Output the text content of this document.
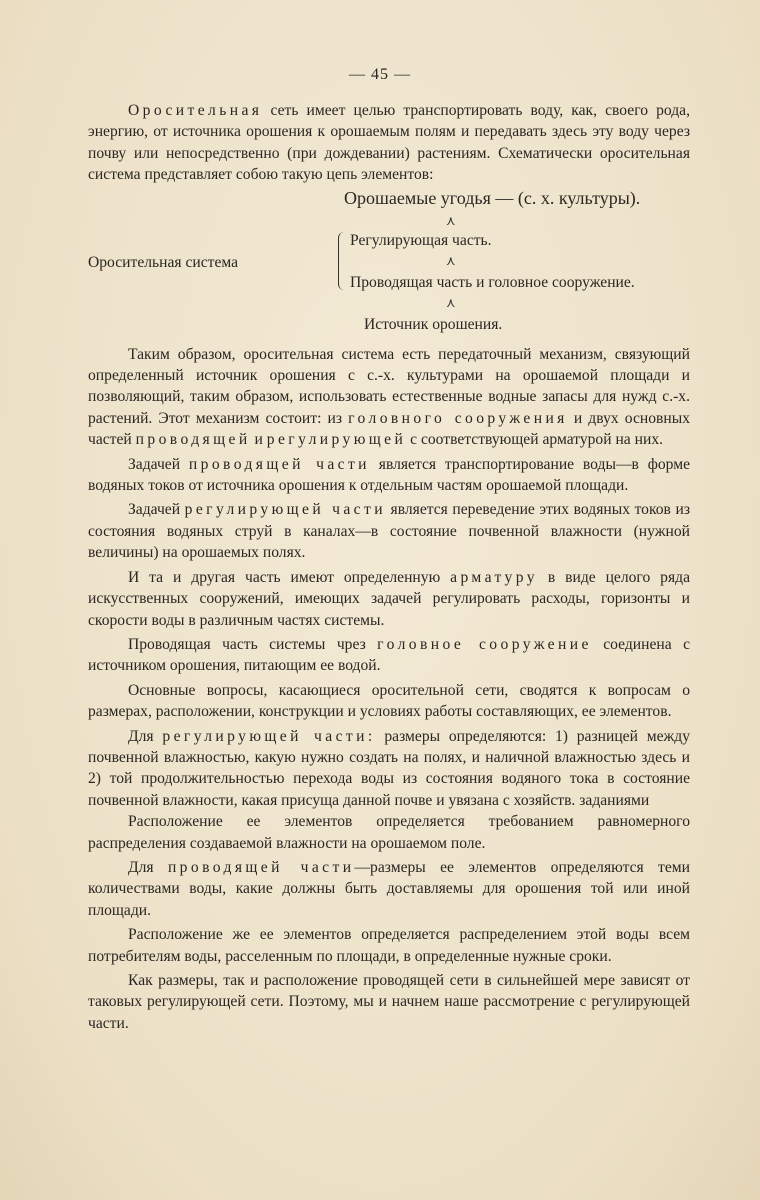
— 45 —

Оросительная сеть имеет целью транспортировать воду, как, своего рода, энергию, от источника орошения к орошаемым полям и передавать здесь эту воду через почву или непосредственно (при дождевании) растениям. Схематически оросительная система представляет собою такую цепь элементов:

Орошаемые угодья — (с. х. культуры).
⋏
Оросительная система
Регулирующая часть.
⋏
Проводящая часть и головное сооружение.
⋏
Источник орошения.

Таким образом, оросительная система есть передаточный механизм, связующий определенный источник орошения с с.-х. культурами на орошаемой площади и позволяющий, таким образом, использовать естественные водные запасы для нужд с.-х. растений. Этот механизм состоит: из головного сооружения и двух основных частей проводящей и регулирующей с соответствующей арматурой на них.

Задачей проводящей части является транспортирование воды—в форме водяных токов от источника орошения к отдельным частям орошаемой площади.

Задачей регулирующей части является переведение этих водяных токов из состояния водяных струй в каналах—в состояние почвенной влажности (нужной величины) на орошаемых полях.

И та и другая часть имеют определенную арматуру в виде целого ряда искусственных сооружений, имеющих задачей регулировать расходы, горизонты и скорости воды в различным частях системы.

Проводящая часть системы чрез головное сооружение соединена с источником орошения, питающим ее водой.

Основные вопросы, касающиеся оросительной сети, сводятся к вопросам о размерах, расположении, конструкции и условиях работы составляющих, ее элементов.

Для регулирующей части: размеры определяются: 1) разницей между почвенной влажностью, какую нужно создать на полях, и наличной влажностью здесь и 2) той продолжительностью перехода воды из состояния водяного тока в состояние почвенной влажности, какая присуща данной почве и увязана с хозяйств. заданиями

Расположение ее элементов определяется требованием равномерного распределения создаваемой влажности на орошаемом поле.

Для проводящей части—размеры ее элементов определяются теми количествами воды, какие должны быть доставляемы для орошения той или иной площади.

Расположение же ее элементов определяется распределением этой воды всем потребителям воды, расселенным по площади, в определенные нужные сроки.

Как размеры, так и расположение проводящей сети в сильнейшей мере зависят от таковых регулирующей сети. Поэтому, мы и начнем наше рассмотрение с регулирующей части.
